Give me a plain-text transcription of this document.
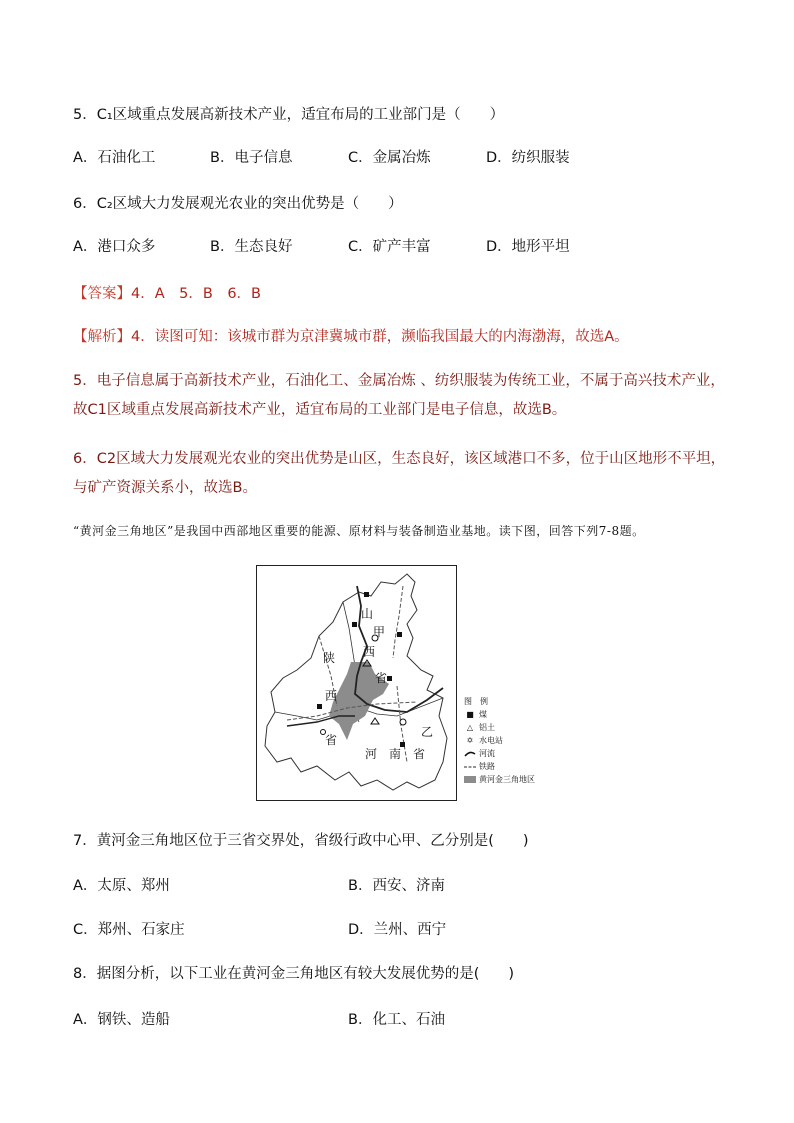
5．C₁区域重点发展高新技术产业，适宜布局的工业部门是（　　）
A．石油化工	B．电子信息	C．金属冶炼	D．纺织服装
6．C₂区域大力发展观光农业的突出优势是（　　）
A．港口众多	B．生态良好	C．矿产丰富	D．地形平坦
【答案】4．A　5．B　6．B
【解析】4．读图可知：该城市群为京津冀城市群，濒临我国最大的内海渤海，故选A。
5．电子信息属于高新技术产业，石油化工、金属冶炼 、纺织服装为传统工业，不属于高兴技术产业，故C1区域重点发展高新技术产业，适宜布局的工业部门是电子信息，故选B。
6．C2区域大力发展观光农业的突出优势是山区，生态良好，该区域港口不多，位于山区地形不平坦，与矿产资源关系小，故选B。
“黄河金三角地区”是我国中西部地区重要的能源、原材料与装备制造业基地。读下图，回答下列7-8题。
山
甲
西
陕
省
西
省
乙
河 南 省
图　例
■ 煤
△ 铝土
✡ 水电站
河流
铁路
黄河金三角地区
7．黄河金三角地区位于三省交界处，省级行政中心甲、乙分别是(　　)
A．太原、郑州	B．西安、济南
C．郑州、石家庄	D．兰州、西宁
8．据图分析，以下工业在黄河金三角地区有较大发展优势的是(　　)
A．钢铁、造船	B．化工、石油
